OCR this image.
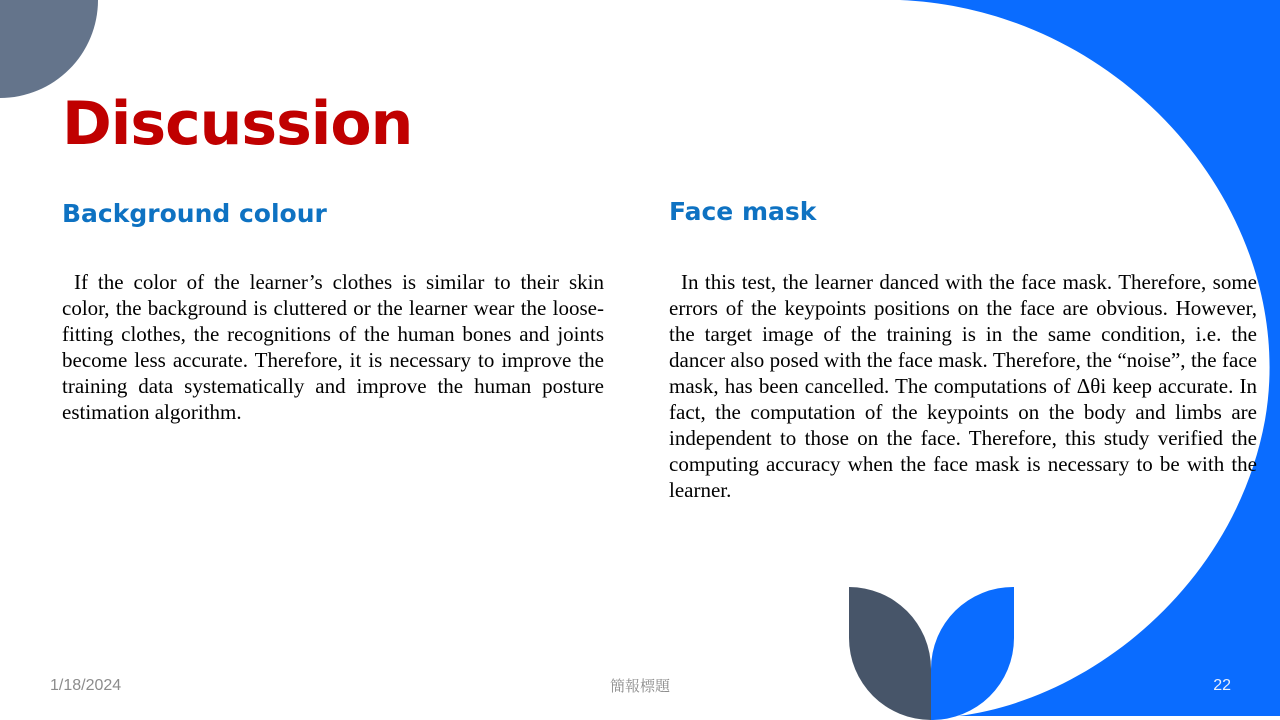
Discussion
Background colour

If the color of the learner’s clothes is similar to their skin color, the background is cluttered or the learner wear the loose-fitting clothes, the recognitions of the human bones and joints become less accurate. Therefore, it is necessary to improve the training data systematically and improve the human posture estimation algorithm.

Face mask

In this test, the learner danced with the face mask. Therefore, some errors of the keypoints positions on the face are obvious. However, the target image of the training is in the same condition, i.e. the dancer also posed with the face mask. Therefore, the “noise”, the face mask, has been cancelled. The computations of Δθi keep accurate. In fact, the computation of the keypoints on the body and limbs are independent to those on the face. Therefore, this study verified the computing accuracy when the face mask is necessary to be with the learner.

1/18/2024	簡報標題	22
